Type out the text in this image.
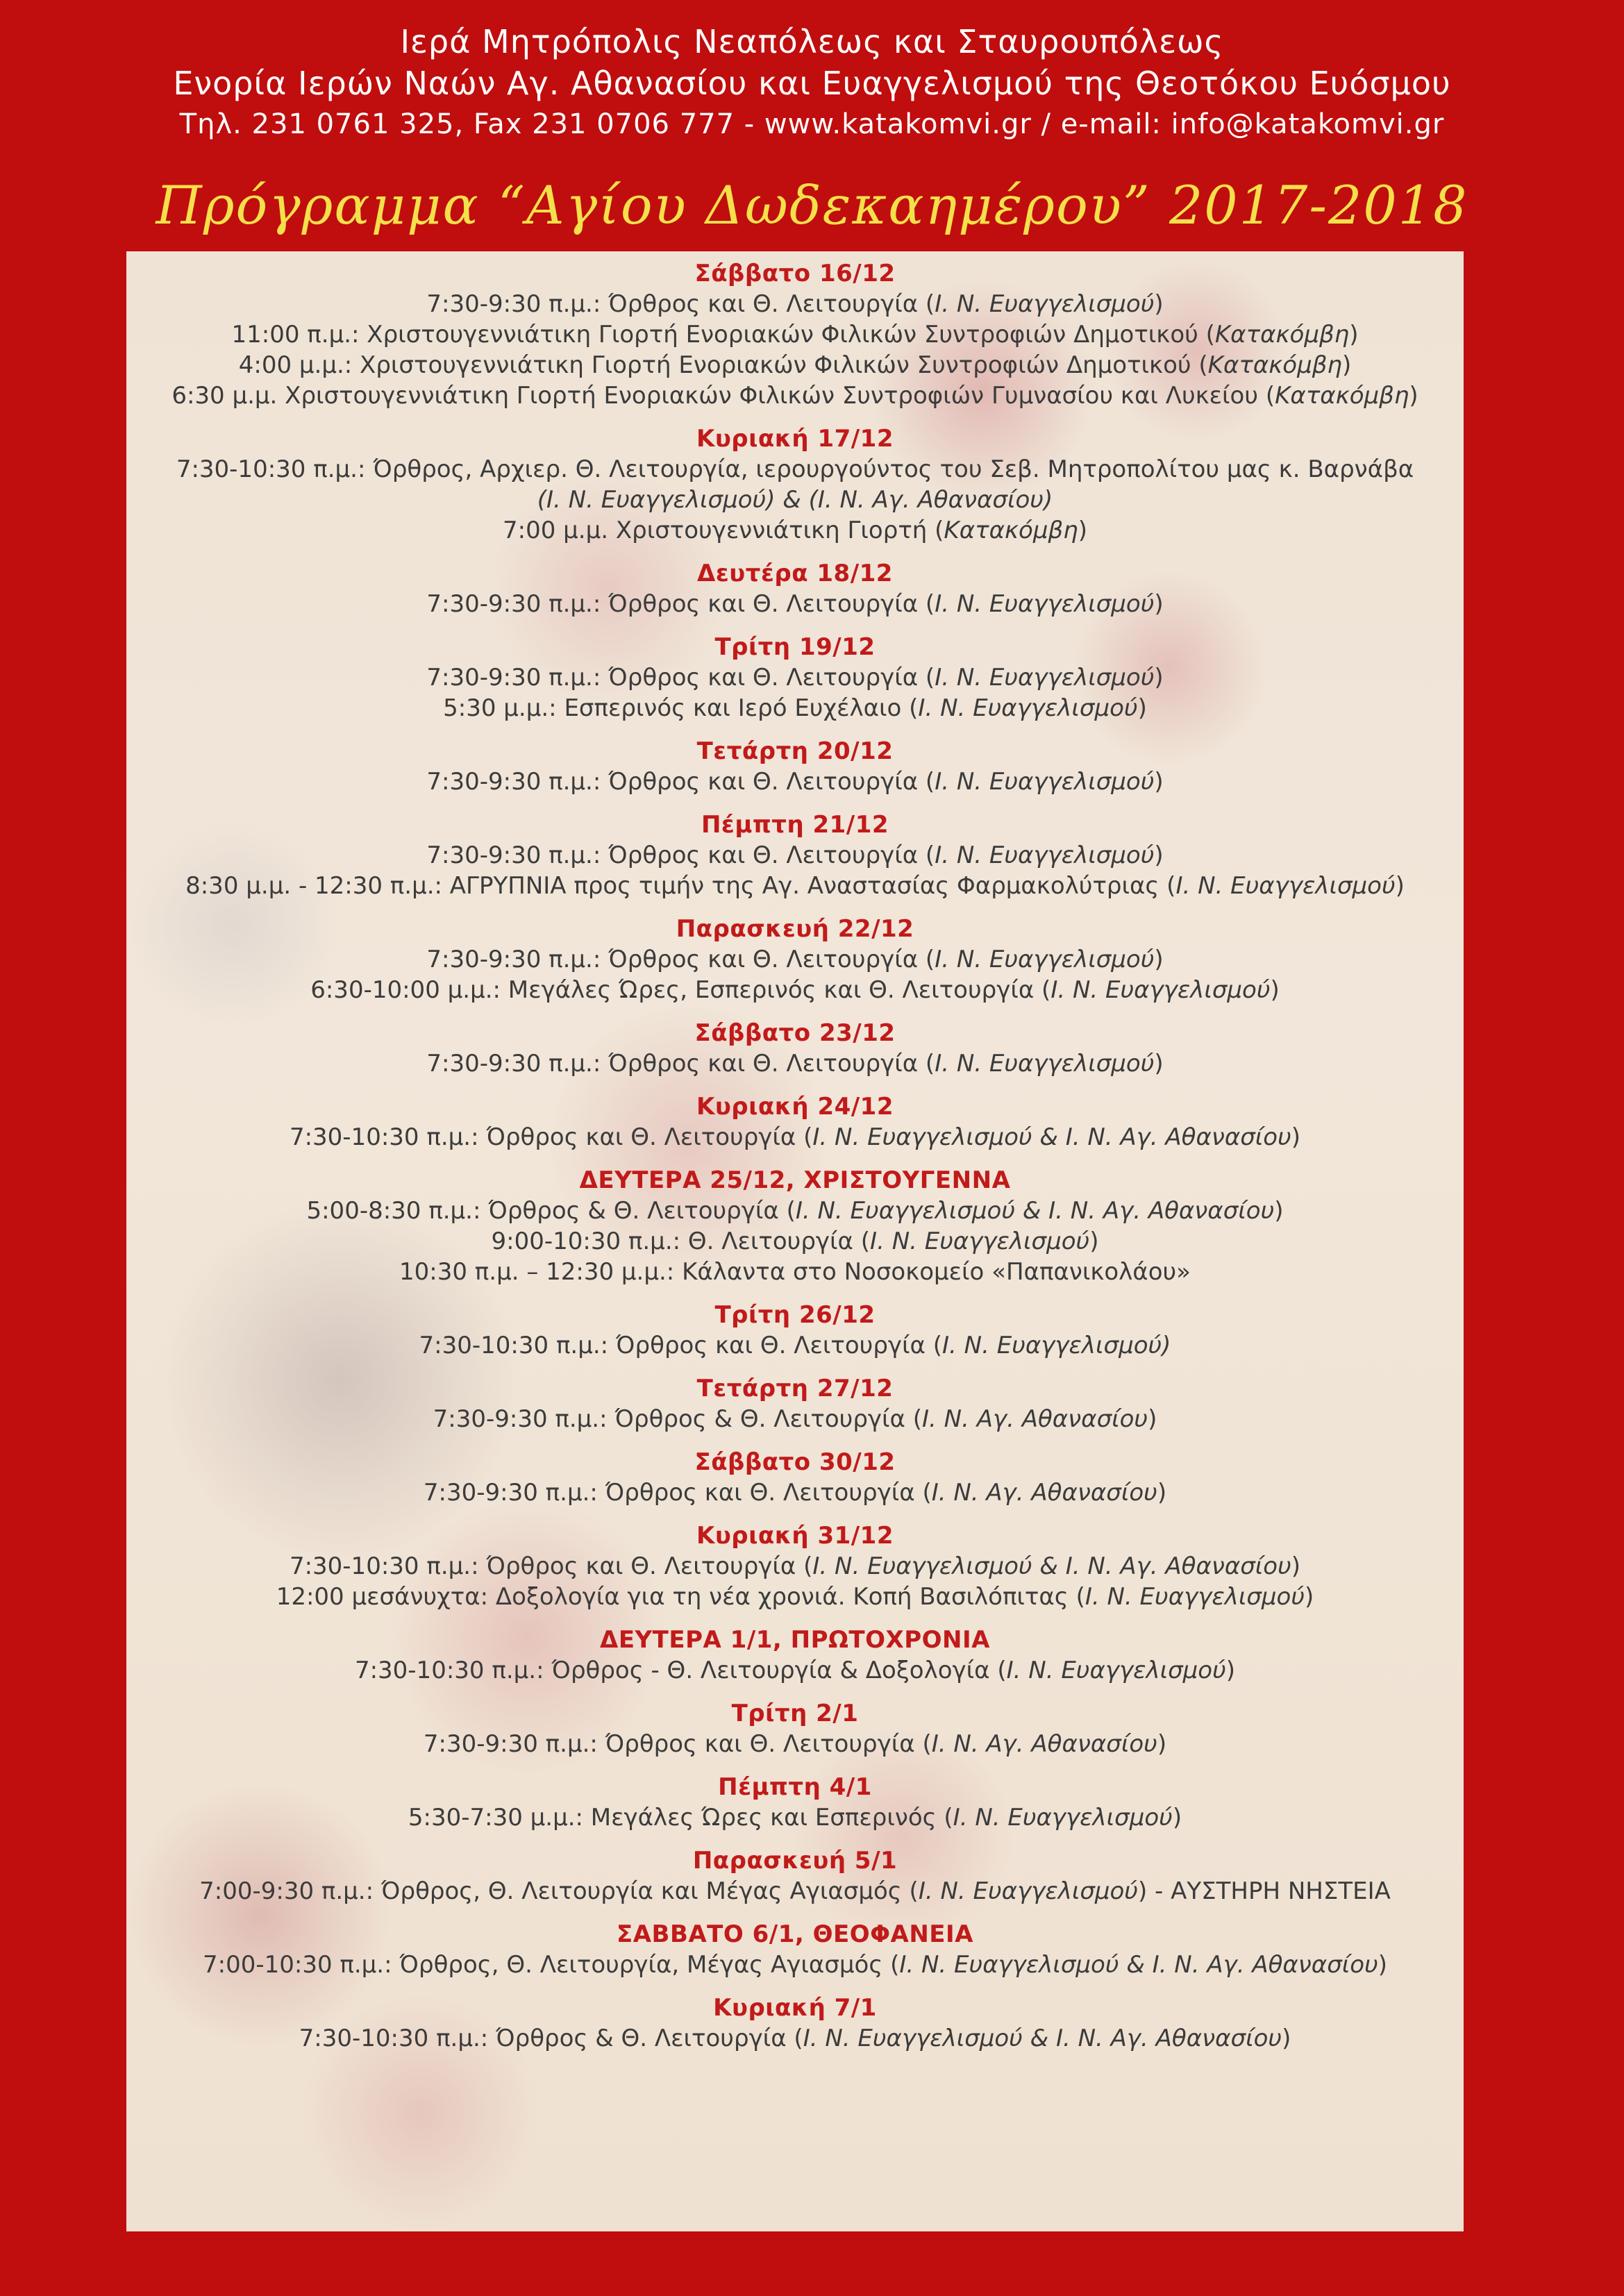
Ιερά Μητρόπολις Νεαπόλεως και Σταυρουπόλεως
Ενορία Ιερών Ναών Αγ. Αθανασίου και Ευαγγελισμού της Θεοτόκου Ευόσμου
Τηλ. 231 0761 325, Fax 231 0706 777 - www.katakomvi.gr / e-mail: info@katakomvi.gr
Πρόγραμμα “Αγίου Δωδεκαημέρου” 2017-2018
Σάββατο 16/12
7:30-9:30 π.μ.: Όρθρος και Θ. Λειτουργία (Ι. Ν. Ευαγγελισμού)
11:00 π.μ.: Χριστουγεννιάτικη Γιορτή Ενοριακών Φιλικών Συντροφιών Δημοτικού (Κατακόμβη)
4:00 μ.μ.: Χριστουγεννιάτικη Γιορτή Ενοριακών Φιλικών Συντροφιών Δημοτικού (Κατακόμβη)
6:30 μ.μ. Χριστουγεννιάτικη Γιορτή Ενοριακών Φιλικών Συντροφιών Γυμνασίου και Λυκείου (Κατακόμβη)
Κυριακή 17/12
7:30-10:30 π.μ.: Όρθρος, Αρχιερ. Θ. Λειτουργία, ιερουργούντος του Σεβ. Μητροπολίτου μας κ. Βαρνάβα
(Ι. Ν. Ευαγγελισμού) & (Ι. Ν. Αγ. Αθανασίου)
7:00 μ.μ. Χριστουγεννιάτικη Γιορτή (Κατακόμβη)
Δευτέρα 18/12
7:30-9:30 π.μ.: Όρθρος και Θ. Λειτουργία (Ι. Ν. Ευαγγελισμού)
Τρίτη 19/12
7:30-9:30 π.μ.: Όρθρος και Θ. Λειτουργία (Ι. Ν. Ευαγγελισμού)
5:30 μ.μ.: Εσπερινός και Ιερό Ευχέλαιο (Ι. Ν. Ευαγγελισμού)
Τετάρτη 20/12
7:30-9:30 π.μ.: Όρθρος και Θ. Λειτουργία (Ι. Ν. Ευαγγελισμού)
Πέμπτη 21/12
7:30-9:30 π.μ.: Όρθρος και Θ. Λειτουργία (Ι. Ν. Ευαγγελισμού)
8:30 μ.μ. - 12:30 π.μ.: ΑΓΡΥΠΝΙΑ προς τιμήν της Αγ. Αναστασίας Φαρμακολύτριας (Ι. Ν. Ευαγγελισμού)
Παρασκευή 22/12
7:30-9:30 π.μ.: Όρθρος και Θ. Λειτουργία (Ι. Ν. Ευαγγελισμού)
6:30-10:00 μ.μ.: Μεγάλες Ώρες, Εσπερινός και Θ. Λειτουργία (Ι. Ν. Ευαγγελισμού)
Σάββατο 23/12
7:30-9:30 π.μ.: Όρθρος και Θ. Λειτουργία (Ι. Ν. Ευαγγελισμού)
Κυριακή 24/12
7:30-10:30 π.μ.: Όρθρος και Θ. Λειτουργία (Ι. Ν. Ευαγγελισμού & Ι. Ν. Αγ. Αθανασίου)
ΔΕΥΤΕΡΑ 25/12, ΧΡΙΣΤΟΥΓΕΝΝΑ
5:00-8:30 π.μ.: Όρθρος & Θ. Λειτουργία (Ι. Ν. Ευαγγελισμού & Ι. Ν. Αγ. Αθανασίου)
9:00-10:30 π.μ.: Θ. Λειτουργία (Ι. Ν. Ευαγγελισμού)
10:30 π.μ. – 12:30 μ.μ.: Κάλαντα στο Νοσοκομείο «Παπανικολάου»
Τρίτη 26/12
7:30-10:30 π.μ.: Όρθρος και Θ. Λειτουργία (Ι. Ν. Ευαγγελισμού)
Τετάρτη 27/12
7:30-9:30 π.μ.: Όρθρος & Θ. Λειτουργία (Ι. Ν. Αγ. Αθανασίου)
Σάββατο 30/12
7:30-9:30 π.μ.: Όρθρος και Θ. Λειτουργία (Ι. Ν. Αγ. Αθανασίου)
Κυριακή 31/12
7:30-10:30 π.μ.: Όρθρος και Θ. Λειτουργία (Ι. Ν. Ευαγγελισμού & Ι. Ν. Αγ. Αθανασίου)
12:00 μεσάνυχτα: Δοξολογία για τη νέα χρονιά. Κοπή Βασιλόπιτας (Ι. Ν. Ευαγγελισμού)
ΔΕΥΤΕΡΑ 1/1, ΠΡΩΤΟΧΡΟΝΙΑ
7:30-10:30 π.μ.: Όρθρος - Θ. Λειτουργία & Δοξολογία (Ι. Ν. Ευαγγελισμού)
Τρίτη 2/1
7:30-9:30 π.μ.: Όρθρος και Θ. Λειτουργία (Ι. Ν. Αγ. Αθανασίου)
Πέμπτη 4/1
5:30-7:30 μ.μ.: Μεγάλες Ώρες και Εσπερινός (Ι. Ν. Ευαγγελισμού)
Παρασκευή 5/1
7:00-9:30 π.μ.: Όρθρος, Θ. Λειτουργία και Μέγας Αγιασμός (Ι. Ν. Ευαγγελισμού) - ΑΥΣΤΗΡΗ ΝΗΣΤΕΙΑ
ΣΑΒΒΑΤΟ 6/1, ΘΕΟΦΑΝΕΙΑ
7:00-10:30 π.μ.: Όρθρος, Θ. Λειτουργία, Μέγας Αγιασμός (Ι. Ν. Ευαγγελισμού & Ι. Ν. Αγ. Αθανασίου)
Κυριακή 7/1
7:30-10:30 π.μ.: Όρθρος & Θ. Λειτουργία (Ι. Ν. Ευαγγελισμού & Ι. Ν. Αγ. Αθανασίου)
